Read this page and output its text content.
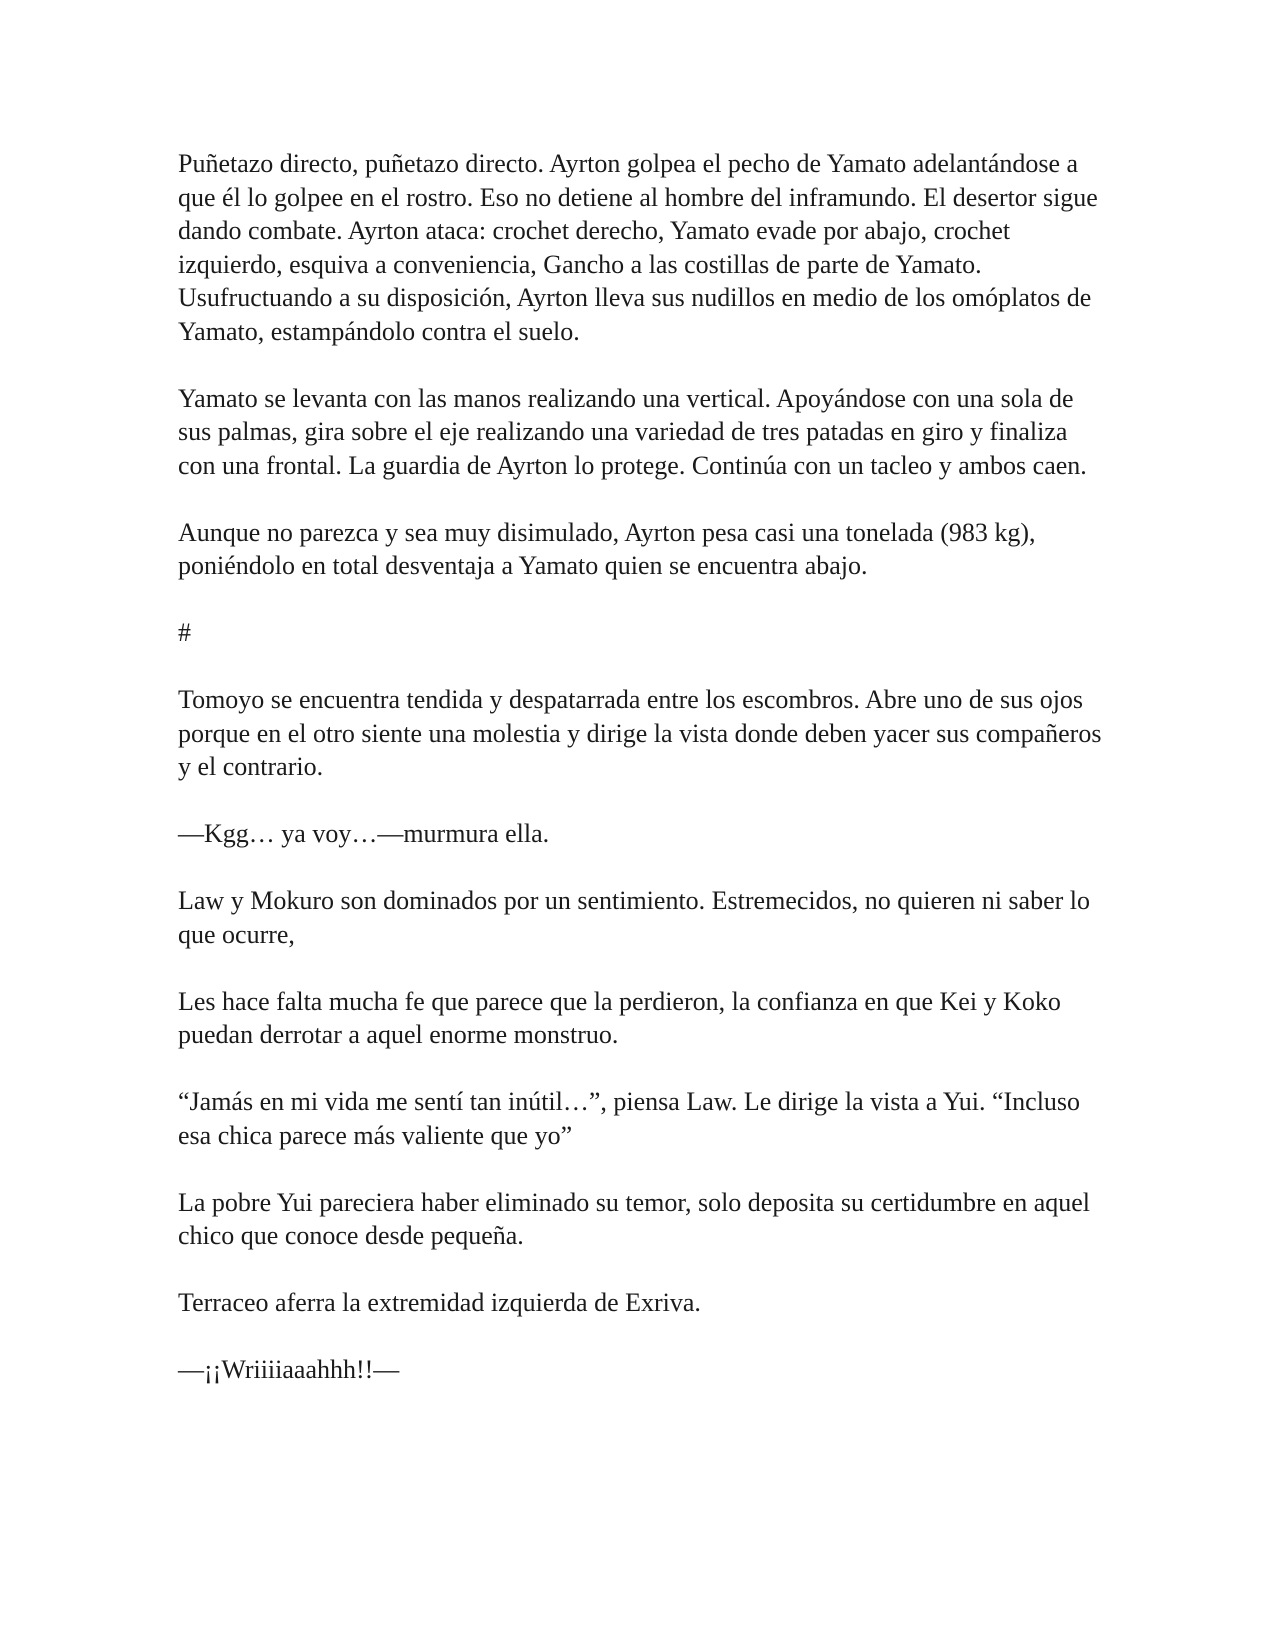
Puñetazo directo, puñetazo directo. Ayrton golpea el pecho de Yamato adelantándose a que él lo golpee en el rostro. Eso no detiene al hombre del inframundo. El desertor sigue dando combate. Ayrton ataca: crochet derecho, Yamato evade por abajo, crochet izquierdo, esquiva a conveniencia, Gancho a las costillas de parte de Yamato. Usufructuando a su disposición, Ayrton lleva sus nudillos en medio de los omóplatos de Yamato, estampándolo contra el suelo.

Yamato se levanta con las manos realizando una vertical. Apoyándose con una sola de sus palmas, gira sobre el eje realizando una variedad de tres patadas en giro y finaliza con una frontal. La guardia de Ayrton lo protege. Continúa con un tacleo y ambos caen.

Aunque no parezca y sea muy disimulado, Ayrton pesa casi una tonelada (983 kg), poniéndolo en total desventaja a Yamato quien se encuentra abajo.

#

Tomoyo se encuentra tendida y despatarrada entre los escombros. Abre uno de sus ojos porque en el otro siente una molestia y dirige la vista donde deben yacer sus compañeros y el contrario.

—Kgg… ya voy…—murmura ella.

Law y Mokuro son dominados por un sentimiento. Estremecidos, no quieren ni saber lo que ocurre,

Les hace falta mucha fe que parece que la perdieron, la confianza en que Kei y Koko puedan derrotar a aquel enorme monstruo.

“Jamás en mi vida me sentí tan inútil…”, piensa Law. Le dirige la vista a Yui. “Incluso esa chica parece más valiente que yo”

La pobre Yui pareciera haber eliminado su temor, solo deposita su certidumbre en aquel chico que conoce desde pequeña.

Terraceo aferra la extremidad izquierda de Exriva.

—¡¡Wriiiiaaahhh!!—
